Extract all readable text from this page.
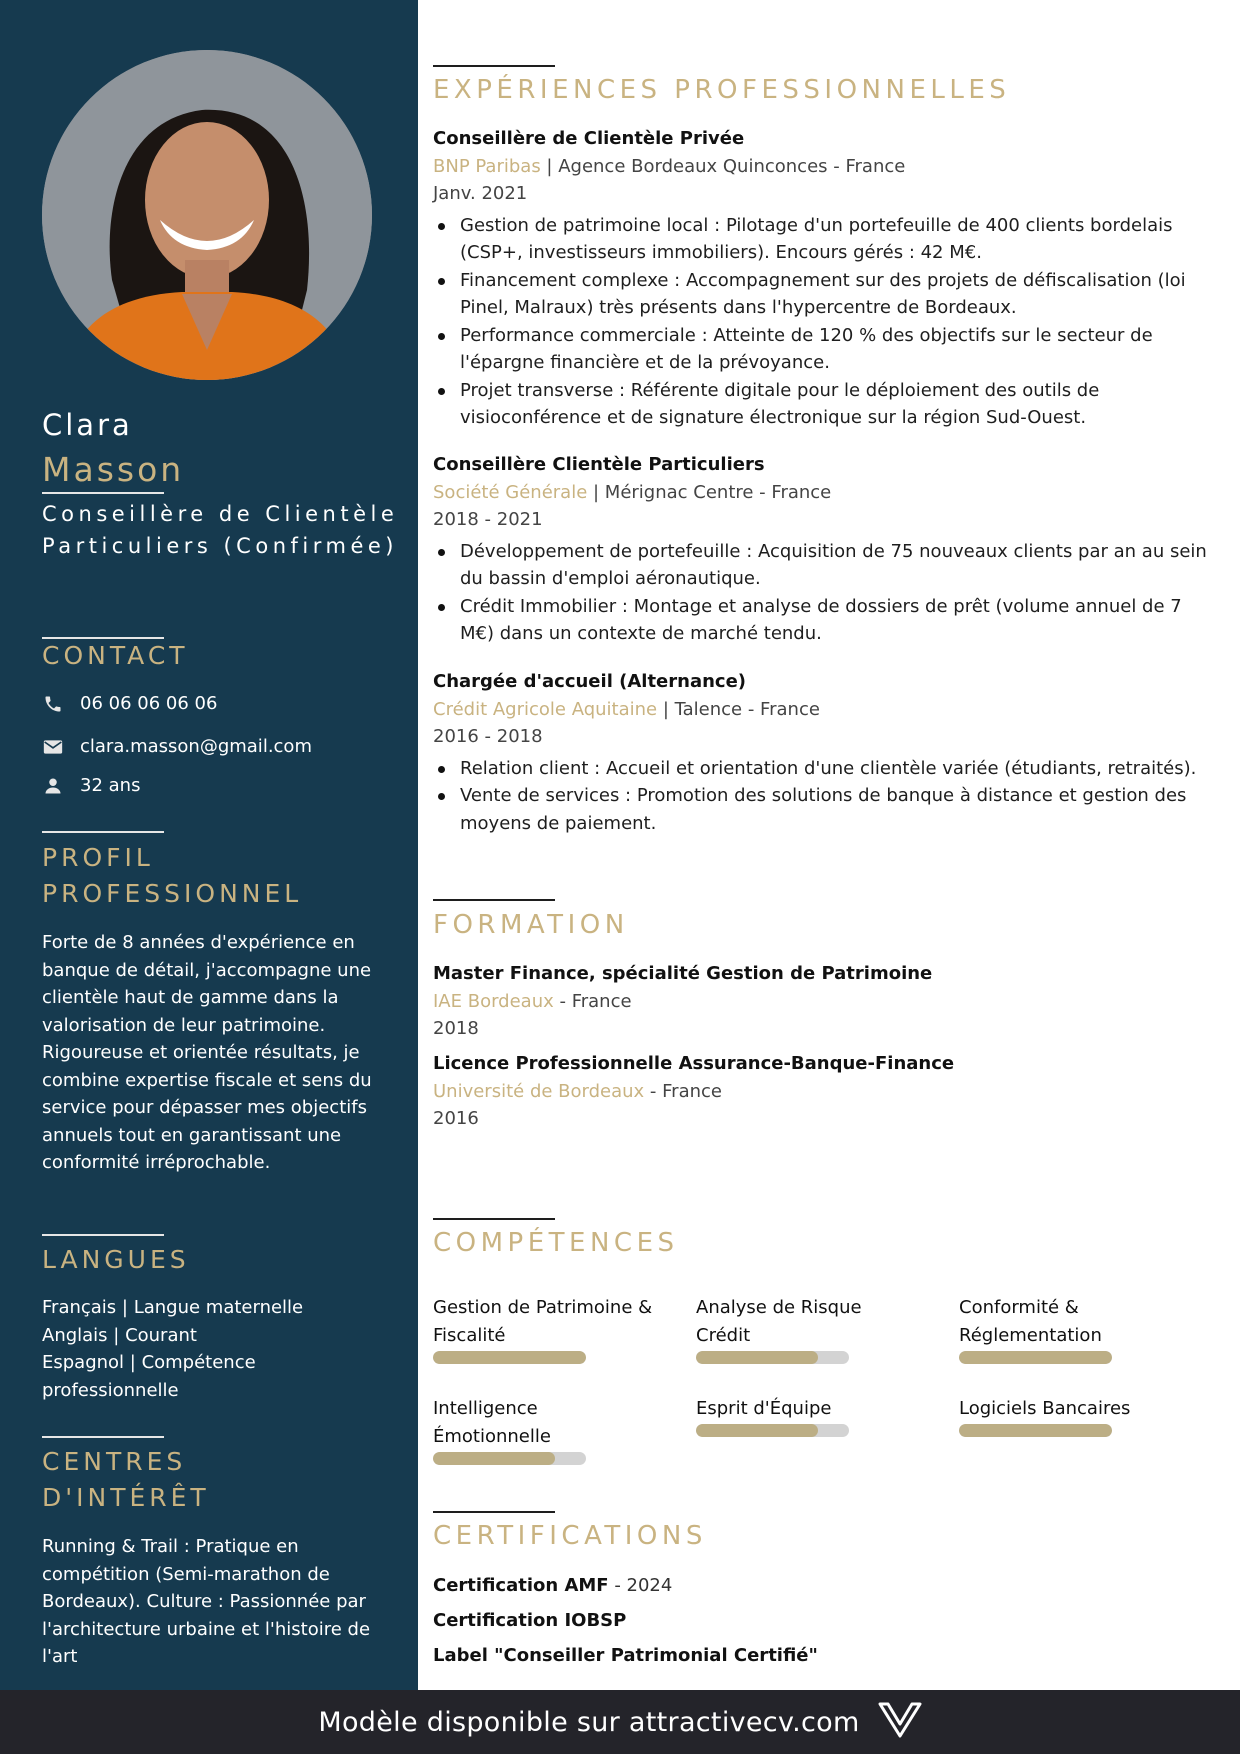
Clara
Masson
Conseillère de Clientèle Particuliers (Confirmée)
CONTACT
06 06 06 06 06
clara.masson@gmail.com
32 ans
PROFIL
PROFESSIONNEL

Forte de 8 années d'expérience en banque de détail, j'accompagne une clientèle haut de gamme dans la valorisation de leur patrimoine. Rigoureuse et orientée résultats, je combine expertise fiscale et sens du service pour dépasser mes objectifs annuels tout en garantissant une conformité irréprochable.

LANGUES
Français | Langue maternelle
Anglais | Courant
Espagnol | Compétence professionnelle
CENTRES
D'INTÉRÊT

Running & Trail : Pratique en compétition (Semi-marathon de Bordeaux). Culture : Passionnée par l'architecture urbaine et l'histoire de l'art

EXPÉRIENCES PROFESSIONNELLES
Conseillère de Clientèle Privée
BNP Paribas | Agence Bordeaux Quinconces - France
Janv. 2021
Gestion de patrimoine local : Pilotage d'un portefeuille de 400 clients bordelais (CSP+, investisseurs immobiliers). Encours gérés : 42 M€.
Financement complexe : Accompagnement sur des projets de défiscalisation (loi Pinel, Malraux) très présents dans l'hypercentre de Bordeaux.
Performance commerciale : Atteinte de 120 % des objectifs sur le secteur de l'épargne financière et de la prévoyance.
Projet transverse : Référente digitale pour le déploiement des outils de visioconférence et de signature électronique sur la région Sud-Ouest.
Conseillère Clientèle Particuliers
Société Générale | Mérignac Centre - France
2018 - 2021
Développement de portefeuille : Acquisition de 75 nouveaux clients par an au sein du bassin d'emploi aéronautique.
Crédit Immobilier : Montage et analyse de dossiers de prêt (volume annuel de 7 M€) dans un contexte de marché tendu.
Chargée d'accueil (Alternance)
Crédit Agricole Aquitaine | Talence - France
2016 - 2018
Relation client : Accueil et orientation d'une clientèle variée (étudiants, retraités).
Vente de services : Promotion des solutions de banque à distance et gestion des moyens de paiement.
FORMATION
Master Finance, spécialité Gestion de Patrimoine
IAE Bordeaux - France
2018
Licence Professionnelle Assurance-Banque-Finance
Université de Bordeaux - France
2016
COMPÉTENCES
Gestion de Patrimoine & Fiscalité
Analyse de Risque Crédit
Conformité & Réglementation
Intelligence Émotionnelle
Esprit d'Équipe	Logiciels Bancaires
CERTIFICATIONS
Certification AMF - 2024
Certification IOBSP
Label "Conseiller Patrimonial Certifié"
Modèle disponible sur attractivecv.com
